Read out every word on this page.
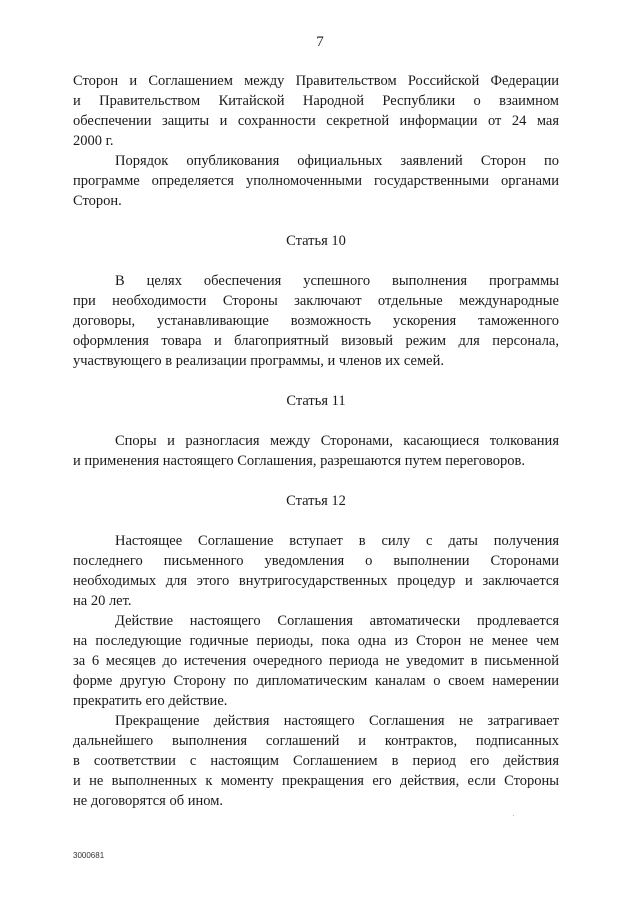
7

Сторон и Соглашением между Правительством Российской Федерации
и Правительством Китайской Народной Республики о взаимном
обеспечении защиты и сохранности секретной информации от 24 мая
2000 г.

Порядок опубликования официальных заявлений Сторон по
программе определяется уполномоченными государственными органами
Сторон.

Статья 10

В целях обеспечения успешного выполнения программы
при необходимости Стороны заключают отдельные международные
договоры, устанавливающие возможность ускорения таможенного
оформления товара и благоприятный визовый режим для персонала,
участвующего в реализации программы, и членов их семей.

Статья 11

Споры и разногласия между Сторонами, касающиеся толкования
и применения настоящего Соглашения, разрешаются путем переговоров.

Статья 12

Настоящее Соглашение вступает в силу с даты получения
последнего письменного уведомления о выполнении Сторонами
необходимых для этого внутригосударственных процедур и заключается
на 20 лет.

Действие настоящего Соглашения автоматически продлевается
на последующие годичные периоды, пока одна из Сторон не менее чем
за 6 месяцев до истечения очередного периода не уведомит в письменной
форме другую Сторону по дипломатическим каналам о своем намерении
прекратить его действие.

Прекращение действия настоящего Соглашения не затрагивает
дальнейшего выполнения соглашений и контрактов, подписанных
в соответствии с настоящим Соглашением в период его действия
и не выполненных к моменту прекращения его действия, если Стороны
не договорятся об ином.

3000681
